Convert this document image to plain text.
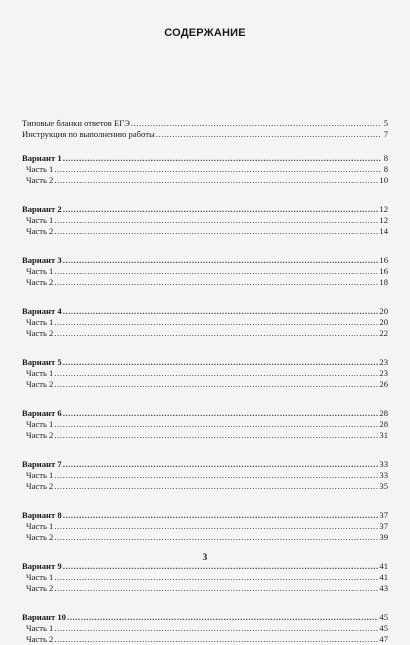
СОДЕРЖАНИЕ
Типовые бланки ответов ЕГЭ .....	5
Инструкция по выполнению работы .....	7
Вариант 1 .....	8
Часть 1 .....	8
Часть 2 .....	10
Вариант 2 .....	12
Часть 1 .....	12
Часть 2 .....	14
Вариант 3 .....	16
Часть 1 .....	16
Часть 2 .....	18
Вариант 4 .....	20
Часть 1 .....	20
Часть 2 .....	22
Вариант 5 .....	23
Часть 1 .....	23
Часть 2 .....	26
Вариант 6 .....	28
Часть 1 .....	28
Часть 2 .....	31
Вариант 7 .....	33
Часть 1 .....	33
Часть 2 .....	35
Вариант 8 .....	37
Часть 1 .....	37
Часть 2 .....	39
Вариант 9 .....	41
Часть 1 .....	41
Часть 2 .....	43
Вариант 10 .....	45
Часть 1 .....	45
Часть 2 .....	47
3
